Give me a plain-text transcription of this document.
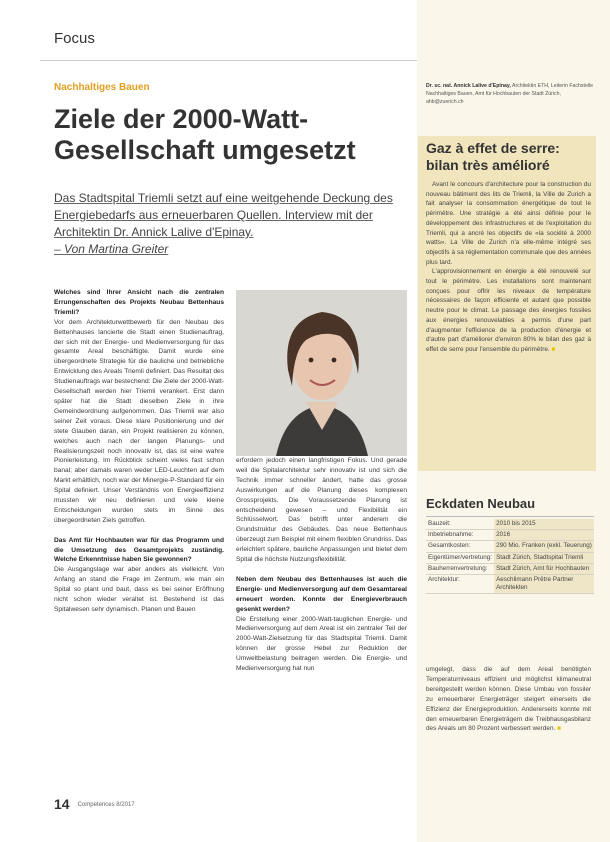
Focus
Nachhaltiges Bauen
Ziele der 2000-Watt-Gesellschaft umgesetzt
Das Stadtspital Triemli setzt auf eine weitgehende Deckung des Energiebedarfs aus erneuerbaren Quellen. Interview mit der Architektin Dr. Annick Lalive d'Epinay.
– Von Martina Greiter
Welches sind Ihrer Ansicht nach die zentralen Errungenschaften des Projekts Neubau Bettenhaus Triemli?
Vor dem Architekturwettbewerb für den Neubau des Bettenhauses lancierte die Stadt einen Studienauftrag, der sich mit der Energie- und Medienversorgung für das gesamte Areal beschäftigte. Damit wurde eine übergeordnete Strategie für die bauliche und betriebliche Entwicklung des Areals Triemli definiert. Das Resultat des Studienauftrags war bestechend: Die Ziele der 2000-Watt-Gesellschaft werden hier Triemli verankert. Erst dann später hat die Stadt dieselben Ziele in ihre Gemeindeordnung aufgenommen. Das Triemli war also seiner Zeit voraus. Diese klare Positionierung und der stete Glauben daran, ein Projekt realisieren zu können, welches auch nach der langen Planungs- und Realisierungszeit noch innovativ ist, das ist eine wahre Pionierleistung. Im Rückblick scheint vieles fast schon banal; aber damals waren weder LED-Leuchten auf dem Markt erhältlich, noch war der Minergie-P-Standard für ein Spital definiert. Unser Verständnis von Energieeffizienz mussten wir neu definieren und viele kleine Entscheidungen wurden stets im Sinne des übergeordneten Ziels getroffen.

Das Amt für Hochbauten war für das Programm und die Umsetzung des Gesamtprojekts zuständig. Welche Erkenntnisse haben Sie gewonnen?
Die Ausgangslage war aber anders als vielleicht. Von Anfang an stand die Frage im Zentrum, wie man ein Spital so plant und baut, dass es bei seiner Eröffnung nicht schon wieder veraltet ist. Bestehend ist das Spitalwesen sehr dynamisch. Planen und Bauen
erfordern jedoch einen langfristigen Fokus. Und gerade weil die Spitalarchitektur sehr innovativ ist und sich die Technik immer schneller ändert, hatte das grosse Auswirkungen auf die Planung dieses komplexen Grossprojekts. Die Voraussetzende Planung ist entscheidend gewesen – und Flexibilität ein Schlüsselwort. Das betrifft unter anderem die Grundstruktur des Gebäudes. Das neue Bettenhaus überzeugt zum Beispiel mit einem flexiblen Grundriss. Das erleichtert spätere, bauliche Anpassungen und bietet dem Spital die höchste Nutzungsflexibilität.

Neben dem Neubau des Bettenhauses ist auch die Energie- und Medienversorgung auf dem Gesamtareal erneuert worden. Konnte der Energieverbrauch gesenkt werden?
Die Erstellung einer 2000-Watt-tauglichen Energie- und Medienversorgung auf dem Areal ist ein zentraler Teil der 2000-Watt-Zielsetzung für das Stadtspital Triemli. Damit können der grosse Hebel zur Reduktion der Umweltbelastung beitragen werden. Die Energie- und Medienversorgung hat nun
Dr. sc. nat. Annick Lalive d'Epinay, Architektin ETH, Leiterin Fachstelle Nachhaltiges Bauen, Amt für Hochbauten der Stadt Zürich, ahb@zuerich.ch
Gaz à effet de serre: bilan très amélioré

Avant le concours d'architecture pour la construction du nouveau bâtiment des lits de Triemli, la Ville de Zurich a fait analyser la consommation énergétique de tout le périmètre. Une stratégie a été ainsi définie pour le développement des infrastructures et de l'exploitation du Triemli, qui a ancré les objectifs de «la société à 2000 watts». La Ville de Zurich n'a elle-même intégré ses objectifs à sa réglementation communale que des années plus tard.

L'approvisionnement en énergie a été renouvelé sur tout le périmètre. Les installations sont maintenant conçues pour offrir les niveaux de température nécessaires de façon efficiente et autant que possible neutre pour le climat. Le passage des énergies fossiles aux énergies renouvelables a permis d'une part d'augmenter l'efficience de la production d'énergie et d'autre part d'améliorer d'environ 80% le bilan des gaz à effet de serre pour l'ensemble du périmètre. ■

Eckdaten Neubau
Bauzeit:	2010 bis 2015
Inbetriebnahme:	2016
Gesamtkosten:	290 Mio. Franken (exkl. Teuerung)
Eigentümer/vertretung:	Stadt Zürich, Stadtspital Triemli
Bauherrenvertretung:	Stadt Zürich, Amt für Hochbauten
Architektur:	Aeschlimann Prêtre Partner Architekten
umgelegt, dass die auf dem Areal benötigten Temperaturniveaus effizient und möglichst klimaneutral bereitgestellt werden können. Diese Umbau von fossiler zu erneuerbarer Energieträger steigert einerseits die Effizienz der Energieproduktion. Andererseits konnte mit den erneuerbaren Energieträgern die Treibhausgasbilanz des Areals um 80 Prozent verbessert werden. ■
14 Competences 8/2017
